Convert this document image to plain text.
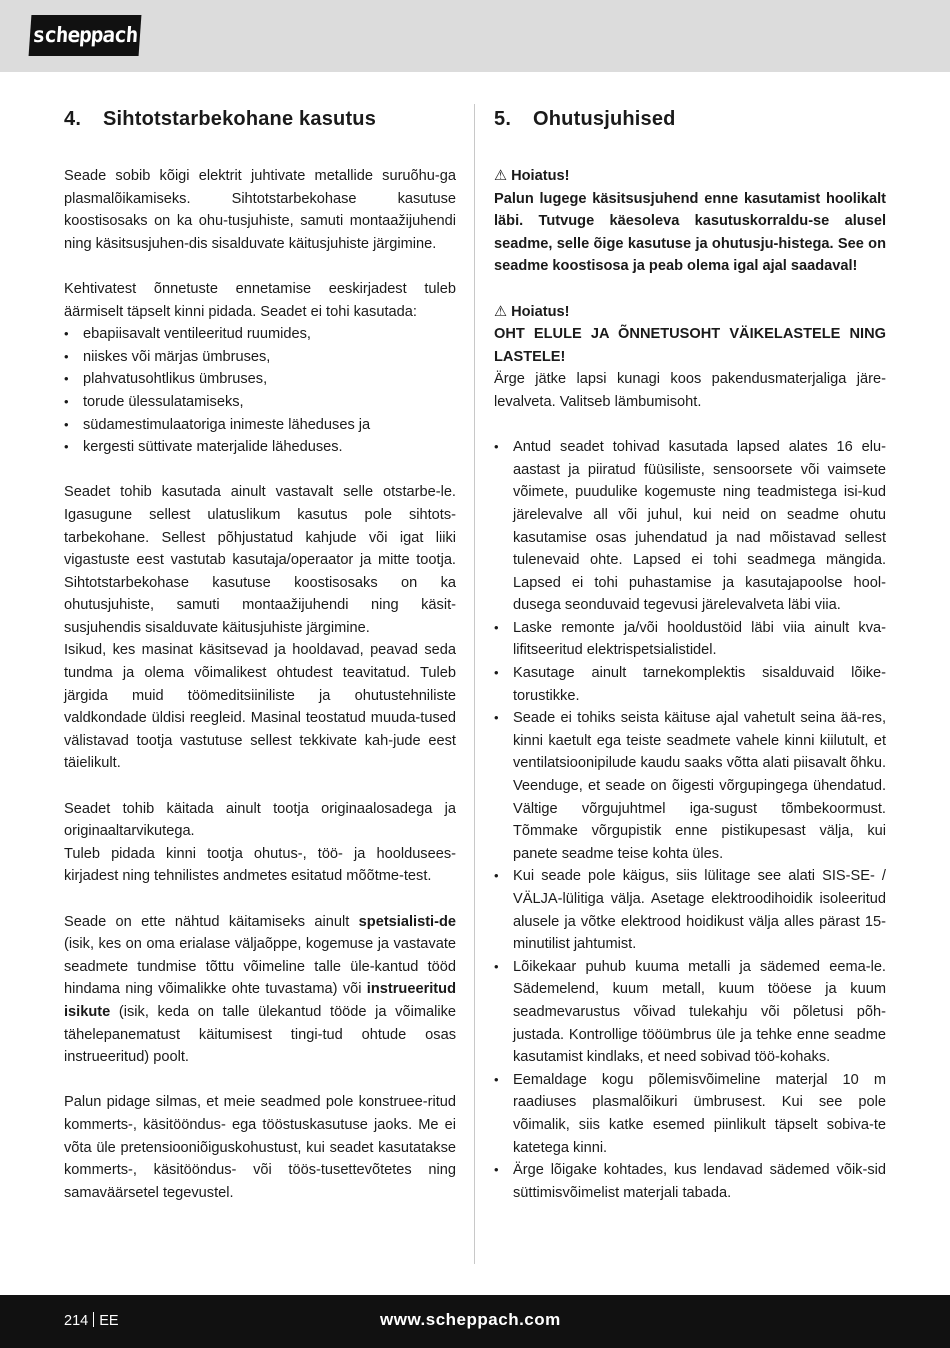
scheppach
4.	Sihtotstarbekohane kasutus

Seade sobib kõigi elektrit juhtivate metallide suruõhu-ga plasmalõikamiseks. Sihtotstarbekohase kasutuse koostisosaks on ka ohu-tusjuhiste, samuti montaažijuhendi ning käsitsusjuhen-dis sisalduvate käitusjuhiste järgimine.

Kehtivatest õnnetuste ennetamise eeskirjadest tuleb äärmiselt täpselt kinni pidada. Seadet ei tohi kasutada:

• ebapiisavalt ventileeritud ruumides,
• niiskes või märjas ümbruses,
• plahvatusohtlikus ümbruses,
• torude ülessulatamiseks,
• südamestimulaatoriga inimeste läheduses ja
• kergesti süttivate materjalide läheduses.

Seadet tohib kasutada ainult vastavalt selle otstarbe-le. Igasugune sellest ulatuslikum kasutus pole sihtots-tarbekohane. Sellest põhjustatud kahjude või igat liiki vigastuste eest vastutab kasutaja/operaator ja mitte tootja. Sihtotstarbekohase kasutuse koostisosaks on ka ohutusjuhiste, samuti montaažijuhendi ning käsit-susjuhendis sisalduvate käitusjuhiste järgimine.

Isikud, kes masinat käsitsevad ja hooldavad, peavad seda tundma ja olema võimalikest ohtudest teavitatud. Tuleb järgida muid töömeditsiiniliste ja ohutustehniliste valdkondade üldisi reegleid. Masinal teostatud muuda-tused välistavad tootja vastutuse sellest tekkivate kah-jude eest täielikult.

Seadet tohib käitada ainult tootja originaalosadega ja originaaltarvikutega.

Tuleb pidada kinni tootja ohutus-, töö- ja hooldusees-kirjadest ning tehnilistes andmetes esitatud mõõtme-test.

Seade on ette nähtud käitamiseks ainult spetsialisti-de (isik, kes on oma erialase väljaõppe, kogemuse ja vastavate seadmete tundmise tõttu võimeline talle üle-kantud tööd hindama ning võimalikke ohte tuvastama) või instrueeritud isikute (isik, keda on talle ülekantud tööde ja võimalike tähelepanematust käitumisest tingi-tud ohtude osas instrueeritud) poolt.

Palun pidage silmas, et meie seadmed pole konstruee-ritud kommerts-, käsitööndus- ega tööstuskasutuse jaoks. Me ei võta üle pretensiooniõiguskohustust, kui seadet kasutatakse kommerts-, käsitööndus- või töös-tusettevõtetes ning samaväärsetel tegevustel.

5.	Ohutusjuhised
⚠ Hoiatus!

Palun lugege käsitsusjuhend enne kasutamist hoolikalt läbi. Tutvuge käesoleva kasutuskorraldu-se alusel seadme, selle õige kasutuse ja ohutusju-histega. See on seadme koostisosa ja peab olema igal ajal saadaval!

⚠ Hoiatus!

OHT ELULE JA ÕNNETUSOHT VÄIKELASTELE NING LASTELE!

Ärge jätke lapsi kunagi koos pakendusmaterjaliga järe-levalveta. Valitseb lämbumisoht.

• Antud seadet tohivad kasutada lapsed alates 16 elu-aastast ja piiratud füüsiliste, sensoorsete või vaimsete võimete, puudulike kogemuste ning teadmistega isi-kud järelevalve all või juhul, kui neid on seadme ohutu kasutamise osas juhendatud ja nad mõistavad sellest tulenevaid ohte. Lapsed ei tohi seadmega mängida. Lapsed ei tohi puhastamise ja kasutajapoolse hool-dusega seonduvaid tegevusi järelevalveta läbi viia.
• Laske remonte ja/või hooldustöid läbi viia ainult kva-lifitseeritud elektrispetsialistidel.
• Kasutage ainult tarnekomplektis sisalduvaid lõike-torustikke.
• Seade ei tohiks seista käituse ajal vahetult seina ää-res, kinni kaetult ega teiste seadmete vahele kinni kiilutult, et ventilatsioonipilude kaudu saaks võtta alati piisavalt õhku. Veenduge, et seade on õigesti võrgupingega ühendatud. Vältige võrgujuhtmel iga-sugust tõmbekoormust. Tõmmake võrgupistik enne pistikupesast välja, kui panete seadme teise kohta üles.
• Kui seade pole käigus, siis lülitage see alati SIS-SE- / VÄLJA-lülitiga välja. Asetage elektroodihoidik isoleeritud alusele ja võtke elektrood hoidikust välja alles pärast 15-minutilist jahtumist.
• Lõikekaar puhub kuuma metalli ja sädemed eema-le. Sädemelend, kuum metall, kuum tööese ja kuum seadmevarustus võivad tulekahju või põletusi põh-justada. Kontrollige tööümbrus üle ja tehke enne seadme kasutamist kindlaks, et need sobivad töö-kohaks.
• Eemaldage kogu põlemisvõimeline materjal 10 m raadiuses plasmalõikuri ümbrusest. Kui see pole võimalik, siis katke esemed piinlikult täpselt sobiva-te katetega kinni.
• Ärge lõigake kohtades, kus lendavad sädemed võik-sid süttimisvõimelist materjali tabada.
214 EE	www.scheppach.com
